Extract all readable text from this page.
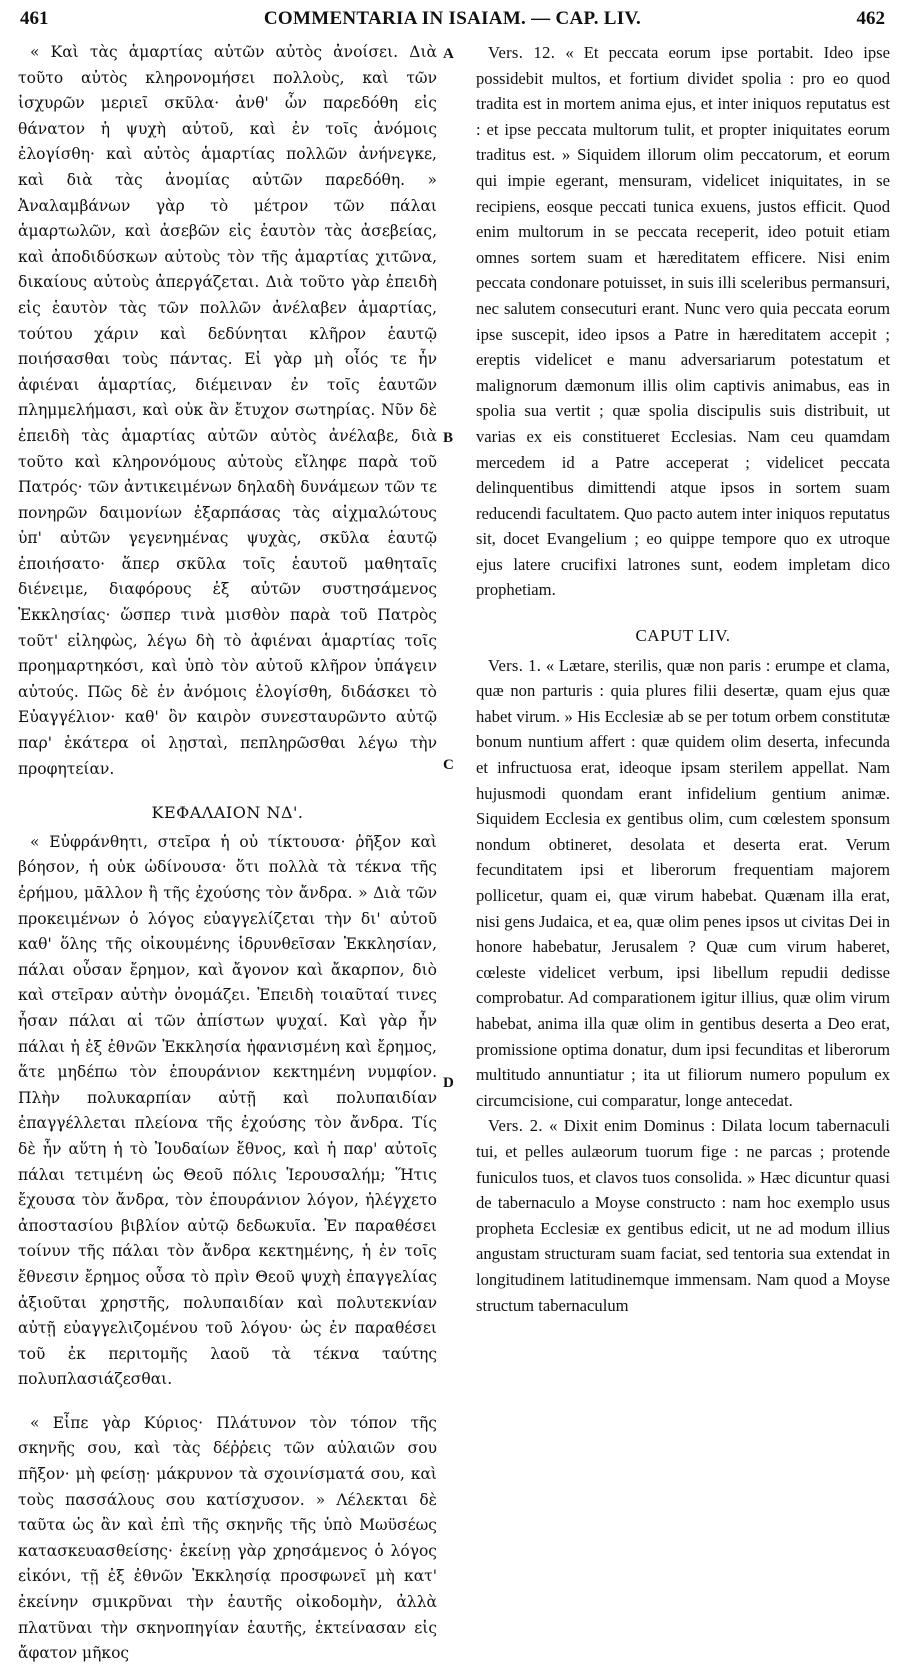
461	COMMENTARIA IN ISAIAM. — CAP. LIV.	462

« Καὶ τὰς ἁμαρτίας αὐτῶν αὐτὸς ἀνοίσει. Διὰ τοῦτο αὐτὸς κληρονομήσει πολλοὺς, καὶ τῶν ἰσχυρῶν μεριεῖ σκῦλα· ἀνθ' ὧν παρεδόθη εἰς θάνατον ἡ ψυχὴ αὐτοῦ, καὶ ἐν τοῖς ἀνόμοις ἐλογίσθη· καὶ αὐτὸς ἁμαρτίας πολλῶν ἀνήνεγκε, καὶ διὰ τὰς ἀνομίας αὐτῶν παρεδόθη. » Ἀναλαμβάνων γὰρ τὸ μέτρον τῶν πάλαι ἁμαρτωλῶν, καὶ ἀσεβῶν εἰς ἑαυτὸν τὰς ἀσεβείας, καὶ ἀποδιδύσκων αὐτοὺς τὸν τῆς ἁμαρτίας χιτῶνα, δικαίους αὐτοὺς ἀπεργάζεται. Διὰ τοῦτο γὰρ ἐπειδὴ εἰς ἑαυτὸν τὰς τῶν πολλῶν ἀνέλαβεν ἁμαρτίας, τούτου χάριν καὶ δεδύνηται κλῆρον ἑαυτῷ ποιήσασθαι τοὺς πάντας. Εἰ γὰρ μὴ οἷός τε ἦν ἀφιέναι ἁμαρτίας, διέμειναν ἐν τοῖς ἑαυτῶν πλημμελήμασι, καὶ οὐκ ἂν ἔτυχον σωτηρίας. Νῦν δὲ ἐπειδὴ τὰς ἁμαρτίας αὐτῶν αὐτὸς ἀνέλαβε, διὰ τοῦτο καὶ κληρονόμους αὐτοὺς εἴληφε παρὰ τοῦ Πατρός· τῶν ἀντικειμένων δηλαδὴ δυνάμεων τῶν τε πονηρῶν δαιμονίων ἐξαρπάσας τὰς αἰχμαλώτους ὑπ' αὐτῶν γεγενημένας ψυχὰς, σκῦλα ἑαυτῷ ἐποιήσατο· ἅπερ σκῦλα τοῖς ἑαυτοῦ μαθηταῖς διένειμε, διαφόρους ἐξ αὐτῶν συστησάμενος Ἐκκλησίας· ὥσπερ τινὰ μισθὸν παρὰ τοῦ Πατρὸς τοῦτ' εἰληφὼς, λέγω δὴ τὸ ἀφιέναι ἁμαρτίας τοῖς προημαρτηκόσι, καὶ ὑπὸ τὸν αὐτοῦ κλῆρον ὑπάγειν αὐτούς. Πῶς δὲ ἐν ἀνόμοις ἐλογίσθη, διδάσκει τὸ Εὐαγγέλιον· καθ' ὃν καιρὸν συνεσταυρῶντο αὐτῷ παρ' ἑκάτερα οἱ λῃσταὶ, πεπληρῶσθαι λέγω τὴν προφητείαν.

ΚΕΦΑΛΑΙΟΝ ΝΔ'.

« Εὐφράνθητι, στεῖρα ἡ οὐ τίκτουσα· ῥῆξον καὶ βόησον, ἡ οὐκ ὠδίνουσα· ὅτι πολλὰ τὰ τέκνα τῆς ἐρήμου, μᾶλλον ἢ τῆς ἐχούσης τὸν ἄνδρα. » Διὰ τῶν προκειμένων ὁ λόγος εὐαγγελίζεται τὴν δι' αὐτοῦ καθ' ὅλης τῆς οἰκουμένης ἱδρυνθεῖσαν Ἐκκλησίαν, πάλαι οὖσαν ἔρημον, καὶ ἄγονον καὶ ἄκαρπον, διὸ καὶ στεῖραν αὐτὴν ὀνομάζει. Ἐπειδὴ τοιαῦταί τινες ἦσαν πάλαι αἱ τῶν ἀπίστων ψυχαί. Καὶ γὰρ ἦν πάλαι ἡ ἐξ ἐθνῶν Ἐκκλησία ἠφανισμένη καὶ ἔρημος, ἅτε μηδέπω τὸν ἐπουράνιον κεκτημένη νυμφίον. Πλὴν πολυκαρπίαν αὐτῇ καὶ πολυπαιδίαν ἐπαγγέλλεται πλείονα τῆς ἐχούσης τὸν ἄνδρα. Τίς δὲ ἦν αὕτη ἡ τὸ Ἰουδαίων ἔθνος, καὶ ἡ παρ' αὐτοῖς πάλαι τετιμένη ὡς Θεοῦ πόλις Ἱερουσαλήμ; Ἥτις ἔχουσα τὸν ἄνδρα, τὸν ἐπουράνιον λόγον, ἠλέγχετο ἀποστασίου βιβλίον αὐτῷ δεδωκυῖα. Ἐν παραθέσει τοίνυν τῆς πάλαι τὸν ἄνδρα κεκτημένης, ἡ ἐν τοῖς ἔθνεσιν ἔρημος οὖσα τὸ πρὶν Θεοῦ ψυχὴ ἐπαγγελίας ἀξιοῦται χρηστῆς, πολυπαιδίαν καὶ πολυτεκνίαν αὐτῇ εὐαγγελιζομένου τοῦ λόγου· ὡς ἐν παραθέσει τοῦ ἐκ περιτομῆς λαοῦ τὰ τέκνα ταύτης πολυπλασιάζεσθαι.

« Εἶπε γὰρ Κύριος· Πλάτυνον τὸν τόπον τῆς σκηνῆς σου, καὶ τὰς δέῤῥεις τῶν αὐλαιῶν σου πῆξον· μὴ φείσῃ· μάκρυνον τὰ σχοινίσματά σου, καὶ τοὺς πασσάλους σου κατίσχυσον. » Λέλεκται δὲ ταῦτα ὡς ἂν καὶ ἐπὶ τῆς σκηνῆς τῆς ὑπὸ Μωϋσέως κατασκευασθείσης· ἐκείνῃ γὰρ χρησάμενος ὁ λόγος εἰκόνι, τῇ ἐξ ἐθνῶν Ἐκκλησίᾳ προσφωνεῖ μὴ κατ' ἐκείνην σμικρῦναι τὴν ἑαυτῆς οἰκοδομὴν, ἀλλὰ πλατῦναι τὴν σκηνοπηγίαν ἑαυτῆς, ἐκτείνασαν εἰς ἄφατον μῆκος

A
B
C
D

Vers. 12. « Et peccata eorum ipse portabit. Ideo ipse possidebit multos, et fortium dividet spolia : pro eo quod tradita est in mortem anima ejus, et inter iniquos reputatus est : et ipse peccata multorum tulit, et propter iniquitates eorum traditus est. » Siquidem illorum olim peccatorum, et eorum qui impie egerant, mensuram, videlicet iniquitates, in se recipiens, eosque peccati tunica exuens, justos efficit. Quod enim multorum in se peccata receperit, ideo potuit etiam omnes sortem suam et hæreditatem efficere. Nisi enim peccata condonare potuisset, in suis illi sceleribus permansuri, nec salutem consecuturi erant. Nunc vero quia peccata eorum ipse suscepit, ideo ipsos a Patre in hæreditatem accepit ; ereptis videlicet e manu adversariarum potestatum et malignorum dæmonum illis olim captivis animabus, eas in spolia sua vertit ; quæ spolia discipulis suis distribuit, ut varias ex eis constitueret Ecclesias. Nam ceu quamdam mercedem id a Patre acceperat ; videlicet peccata delinquentibus dimittendi atque ipsos in sortem suam reducendi facultatem. Quo pacto autem inter iniquos reputatus sit, docet Evangelium ; eo quippe tempore quo ex utroque ejus latere crucifixi latrones sunt, eodem impletam dico prophetiam.

CAPUT LIV.

Vers. 1. « Lætare, sterilis, quæ non paris : erumpe et clama, quæ non parturis : quia plures filii desertæ, quam ejus quæ habet virum. » His Ecclesiæ ab se per totum orbem constitutæ bonum nuntium affert : quæ quidem olim deserta, infecunda et infructuosa erat, ideoque ipsam sterilem appellat. Nam hujusmodi quondam erant infidelium gentium animæ. Siquidem Ecclesia ex gentibus olim, cum cœlestem sponsum nondum obtineret, desolata et deserta erat. Verum fecunditatem ipsi et liberorum frequentiam majorem pollicetur, quam ei, quæ virum habebat. Quænam illa erat, nisi gens Judaica, et ea, quæ olim penes ipsos ut civitas Dei in honore habebatur, Jerusalem ? Quæ cum virum haberet, cœleste videlicet verbum, ipsi libellum repudii dedisse comprobatur. Ad comparationem igitur illius, quæ olim virum habebat, anima illa quæ olim in gentibus deserta a Deo erat, promissione optima donatur, dum ipsi fecunditas et liberorum multitudo annuntiatur ; ita ut filiorum numero populum ex circumcisione, cui comparatur, longe antecedat.

Vers. 2. « Dixit enim Dominus : Dilata locum tabernaculi tui, et pelles aulæorum tuorum fige : ne parcas ; protende funiculos tuos, et clavos tuos consolida. » Hæc dicuntur quasi de tabernaculo a Moyse constructo : nam hoc exemplo usus propheta Ecclesiæ ex gentibus edicit, ut ne ad modum illius angustam structuram suam faciat, sed tentoria sua extendat in longitudinem latitudinemque immensam. Nam quod a Moyse structum tabernaculum
